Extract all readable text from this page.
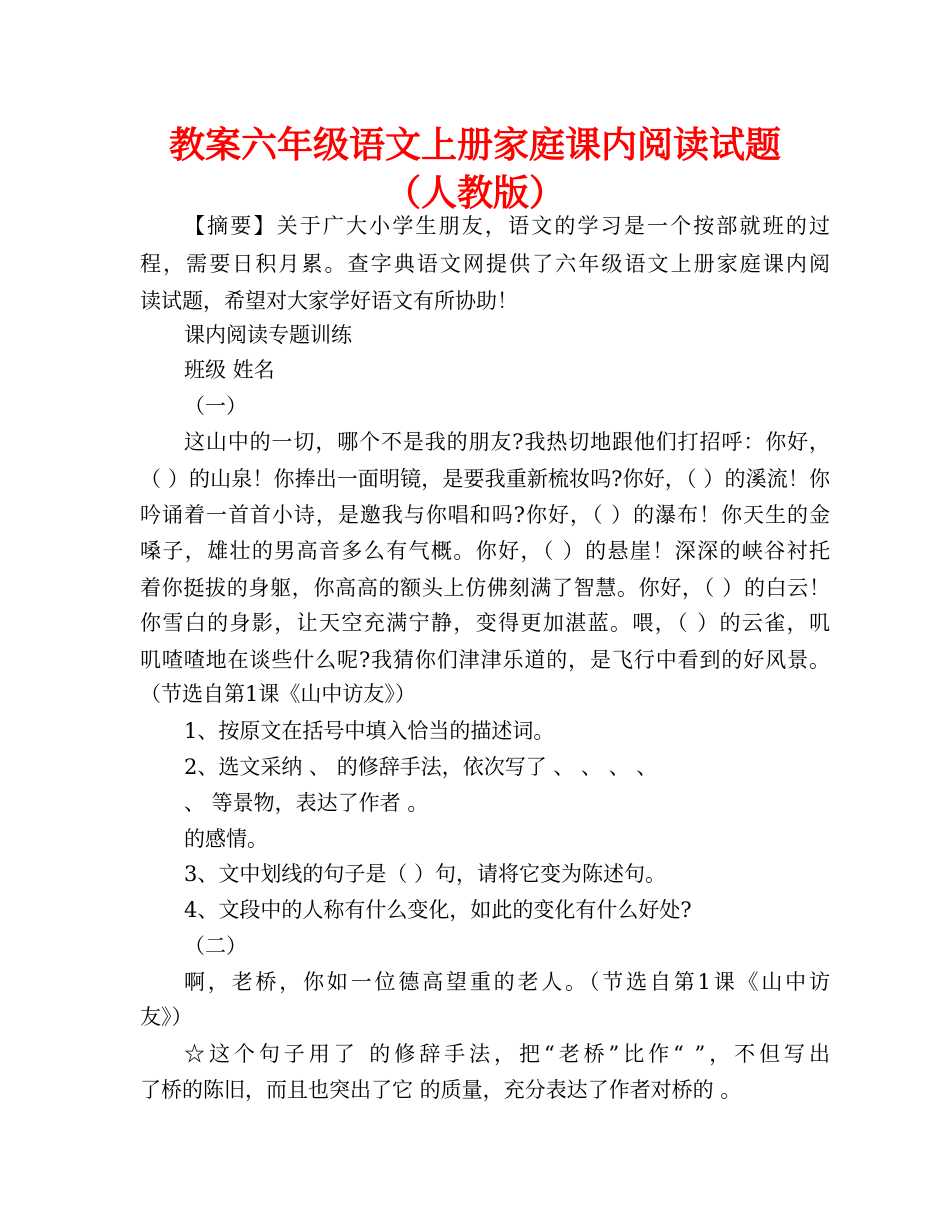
教案六年级语文上册家庭课内阅读试题
（人教版）

【摘要】关于广大小学生朋友，语文的学习是一个按部就班的过

程，需要日积月累。查字典语文网提供了六年级语文上册家庭课内阅

读试题，希望对大家学好语文有所协助！

课内阅读专题训练

班级 姓名

（一）

这山中的一切，哪个不是我的朋友?我热切地跟他们打招呼：你好，

（ ）的山泉！你捧出一面明镜，是要我重新梳妆吗?你好，（ ）的溪流！你

吟诵着一首首小诗，是邀我与你唱和吗?你好，（ ）的瀑布！你天生的金

嗓子，雄壮的男高音多么有气概。你好，（ ）的悬崖！深深的峡谷衬托

着你挺拔的身躯，你高高的额头上仿佛刻满了智慧。你好，（ ）的白云！

你雪白的身影，让天空充满宁静，变得更加湛蓝。喂，（ ）的云雀，叽

叽喳喳地在谈些什么呢?我猜你们津津乐道的，是飞行中看到的好风景。

（节选自第1课《山中访友》）

1、按原文在括号中填入恰当的描述词。

2、选文采纳 、 的修辞手法，依次写了 、 、 、 、

、 等景物，表达了作者 。

的感情。

3、文中划线的句子是（ ）句，请将它变为陈述句。

4、文段中的人称有什么变化，如此的变化有什么好处?

（二）

啊，老桥，你如一位德高望重的老人。（节选自第1课《山中访

友》）

☆这个句子用了 的修辞手法，把“老桥”比作“ ”，不但写出

了桥的陈旧，而且也突出了它 的质量，充分表达了作者对桥的 。
